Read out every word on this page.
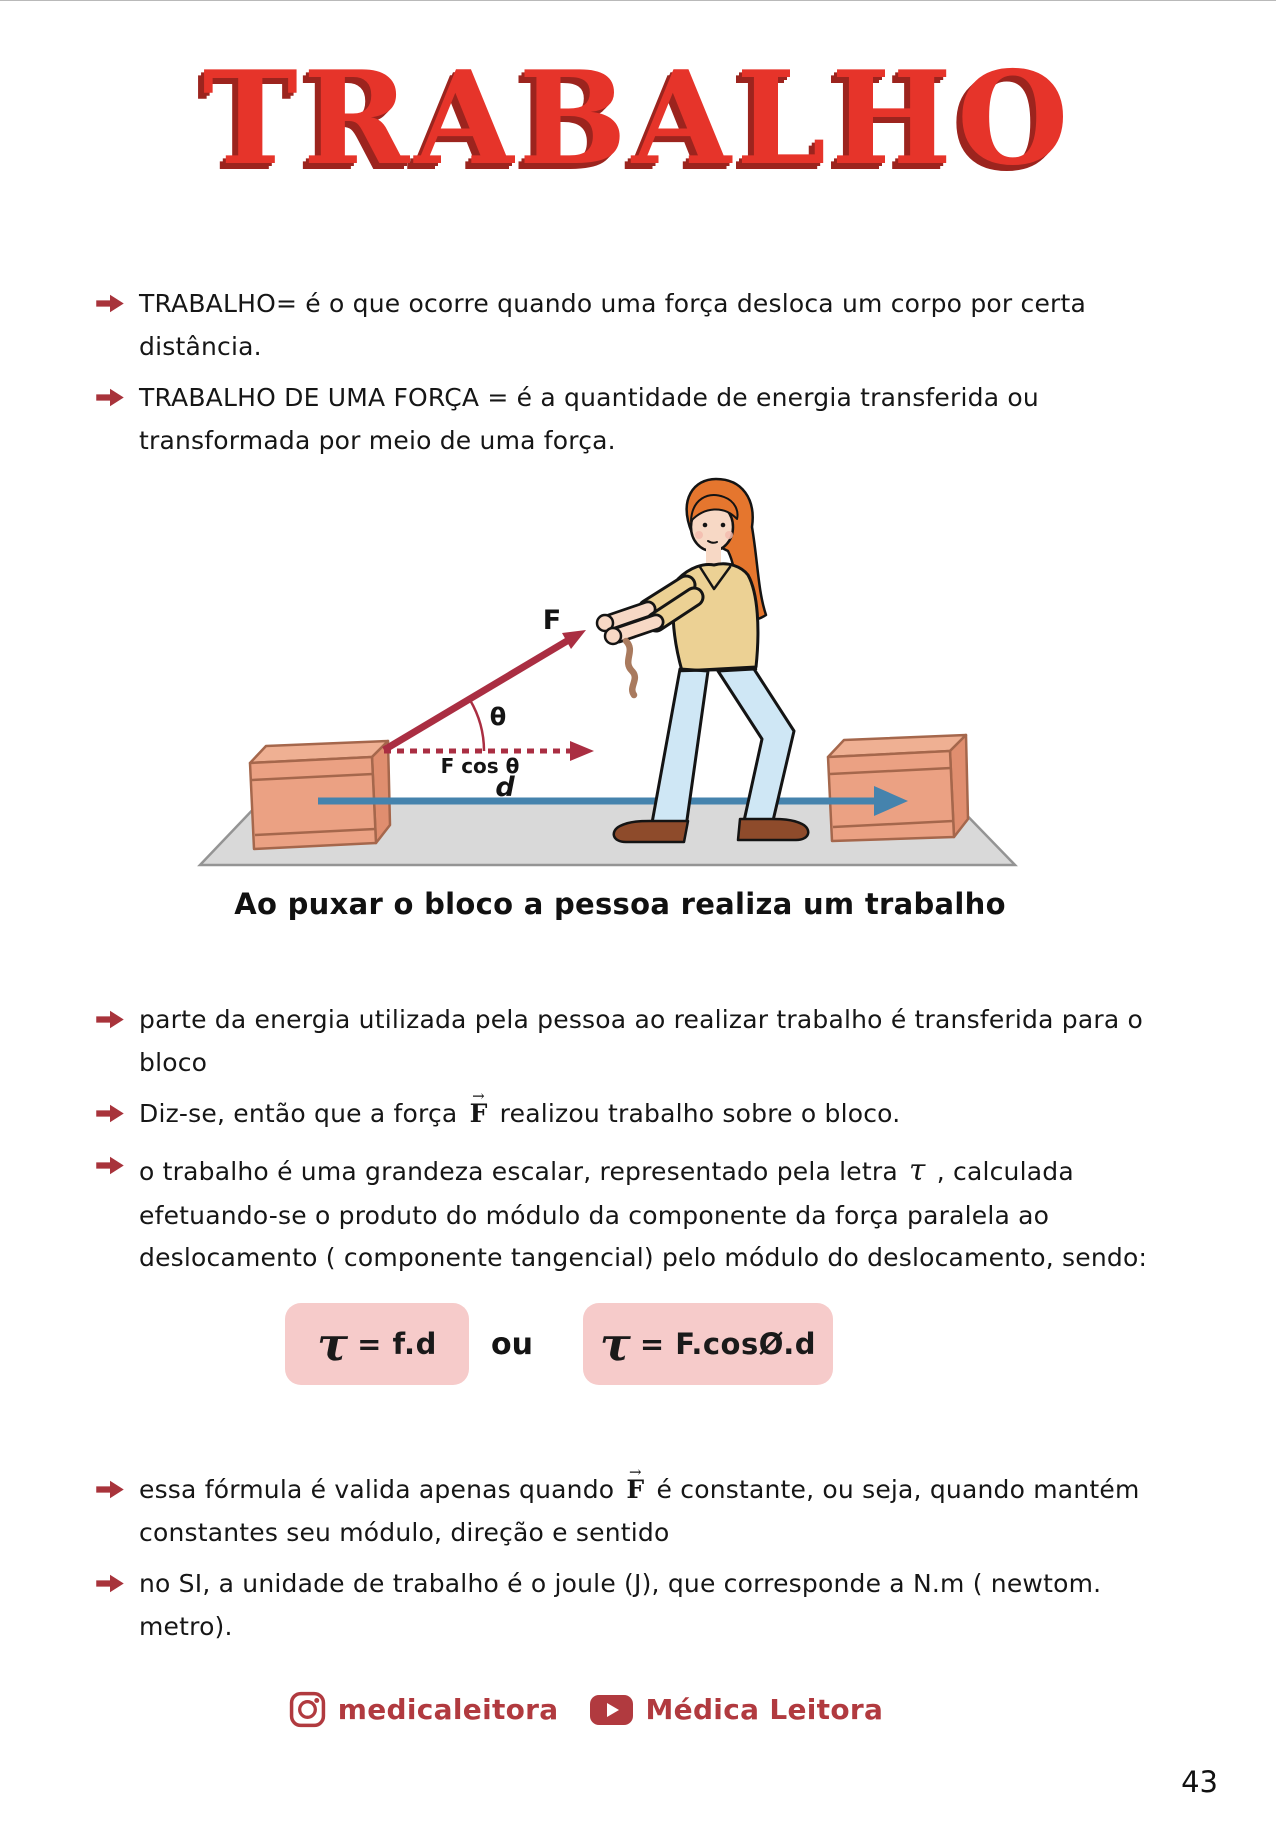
TRABALHO

TRABALHO= é o que ocorre quando uma força desloca um corpo por certa distância.

TRABALHO DE UMA FORÇA = é a quantidade de energia transferida ou transformada por meio de uma força.

F
θ
F cos θ
d
Ao puxar o bloco a pessoa realiza um trabalho

parte da energia utilizada pela pessoa ao realizar trabalho é transferida para o bloco

Diz-se, então que a força F → realizou trabalho sobre o bloco.

o trabalho é uma grandeza escalar, representado pela letra τ , calculada efetuando-se o produto do módulo da componente da força paralela ao deslocamento ( componente tangencial) pelo módulo do deslocamento, sendo:

τ = f.d ou τ = F.cosØ.d

essa fórmula é valida apenas quando F → é constante, ou seja, quando mantém constantes seu módulo, direção e sentido

no SI, a unidade de trabalho é o joule (J), que corresponde a N.m ( newtom. metro).

medicaleitora	Médica Leitora
43
